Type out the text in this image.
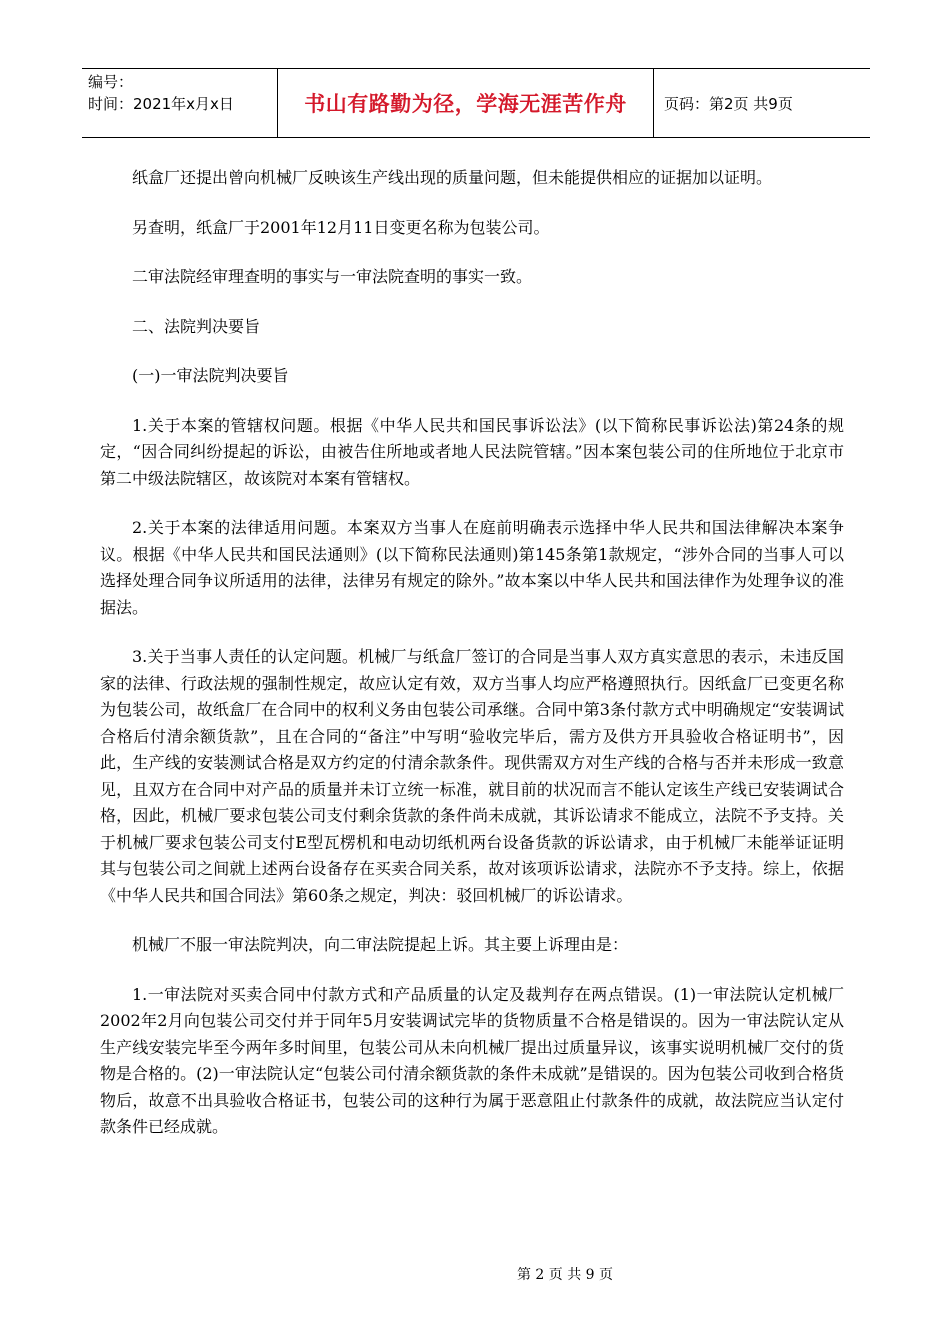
编号：
时间：2021年x月x日	书山有路勤为径，学海无涯苦作舟	页码：第2页 共9页

纸盒厂还提出曾向机械厂反映该生产线出现的质量问题，但未能提供相应的证据加以证明。

另查明，纸盒厂于2001年12月11日变更名称为包装公司。

二审法院经审理查明的事实与一审法院查明的事实一致。

二、法院判决要旨

(一)一审法院判决要旨

1.关于本案的管辖权问题。根据《中华人民共和国民事诉讼法》(以下简称民事诉讼法)第24条的规定，“因合同纠纷提起的诉讼，由被告住所地或者地人民法院管辖。”因本案包装公司的住所地位于北京市第二中级法院辖区，故该院对本案有管辖权。

2.关于本案的法律适用问题。本案双方当事人在庭前明确表示选择中华人民共和国法律解决本案争议。根据《中华人民共和国民法通则》(以下简称民法通则)第145条第1款规定，“涉外合同的当事人可以选择处理合同争议所适用的法律，法律另有规定的除外。”故本案以中华人民共和国法律作为处理争议的准据法。

3.关于当事人责任的认定问题。机械厂与纸盒厂签订的合同是当事人双方真实意思的表示，未违反国家的法律、行政法规的强制性规定，故应认定有效，双方当事人均应严格遵照执行。因纸盒厂已变更名称为包装公司，故纸盒厂在合同中的权利义务由包装公司承继。合同中第3条付款方式中明确规定“安装调试合格后付清余额货款”，且在合同的“备注”中写明“验收完毕后，需方及供方开具验收合格证明书”，因此，生产线的安装测试合格是双方约定的付清余款条件。现供需双方对生产线的合格与否并未形成一致意见，且双方在合同中对产品的质量并未订立统一标准，就目前的状况而言不能认定该生产线已安装调试合格，因此，机械厂要求包装公司支付剩余货款的条件尚未成就，其诉讼请求不能成立，法院不予支持。关于机械厂要求包装公司支付E型瓦楞机和电动切纸机两台设备货款的诉讼请求，由于机械厂未能举证证明其与包装公司之间就上述两台设备存在买卖合同关系，故对该项诉讼请求，法院亦不予支持。综上，依据《中华人民共和国合同法》第60条之规定，判决：驳回机械厂的诉讼请求。

机械厂不服一审法院判决，向二审法院提起上诉。其主要上诉理由是：

1.一审法院对买卖合同中付款方式和产品质量的认定及裁判存在两点错误。(1)一审法院认定机械厂2002年2月向包装公司交付并于同年5月安装调试完毕的货物质量不合格是错误的。因为一审法院认定从生产线安装完毕至今两年多时间里，包装公司从未向机械厂提出过质量异议，该事实说明机械厂交付的货物是合格的。(2)一审法院认定“包装公司付清余额货款的条件未成就”是错误的。因为包装公司收到合格货物后，故意不出具验收合格证书，包装公司的这种行为属于恶意阻止付款条件的成就，故法院应当认定付款条件已经成就。

第 2 页 共 9 页
